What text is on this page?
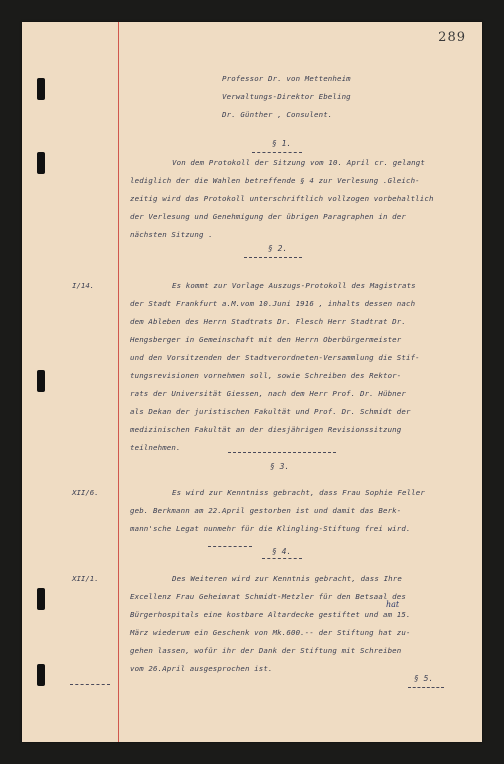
289
Professor Dr. von Mettenheim
Verwaltungs-Direktor Ebeling
Dr. Günther , Consulent.
§ 1.
Von dem Protokoll der Sitzung vom 10. April cr. gelangt
lediglich der die Wahlen betreffende § 4 zur Verlesung .Gleich-
zeitig wird das Protokoll unterschriftlich vollzogen vorbehaltlich
der Verlesung und Genehmigung der übrigen Paragraphen in der
nächsten Sitzung .
§ 2.
I/14.	Es kommt zur Vorlage Auszugs-Protokoll des Magistrats
der Stadt Frankfurt a.M.vom 10.Juni 1916 , inhalts dessen nach
dem Ableben des Herrn Stadtrats Dr. Flesch Herr Stadtrat Dr.
Hengsberger in Gemeinschaft mit den Herrn Oberbürgermeister
und den Vorsitzenden der Stadtverordneten-Versammlung die Stif-
tungsrevisionen vornehmen soll, sowie Schreiben des Rektor-
rats der Universität Giessen, nach dem Herr Prof. Dr. Hübner
als Dekan der juristischen Fakultät und Prof. Dr. Schmidt der
medizinischen Fakultät an der diesjährigen Revisionssitzung
teilnehmen.
§ 3.
XII/6.	Es wird zur Kenntniss gebracht, dass Frau Sophie Feller
geb. Berkmann am 22.April gestorben ist und damit das Berk-
mann'sche Legat nunmehr für die Klingling-Stiftung frei wird.
§ 4.
XII/1.	Des Weiteren wird zur Kenntnis gebracht, dass Ihre
Excellenz Frau Geheimrat Schmidt-Metzler für den Betsaal des
hat
Bürgerhospitals eine kostbare Altardecke gestiftet und am 15.
März wiederum ein Geschenk von Mk.600.-- der Stiftung hat zu-
gehen lassen, wofür ihr der Dank der Stiftung mit Schreiben
vom 26.April ausgesprochen ist.
§ 5.
